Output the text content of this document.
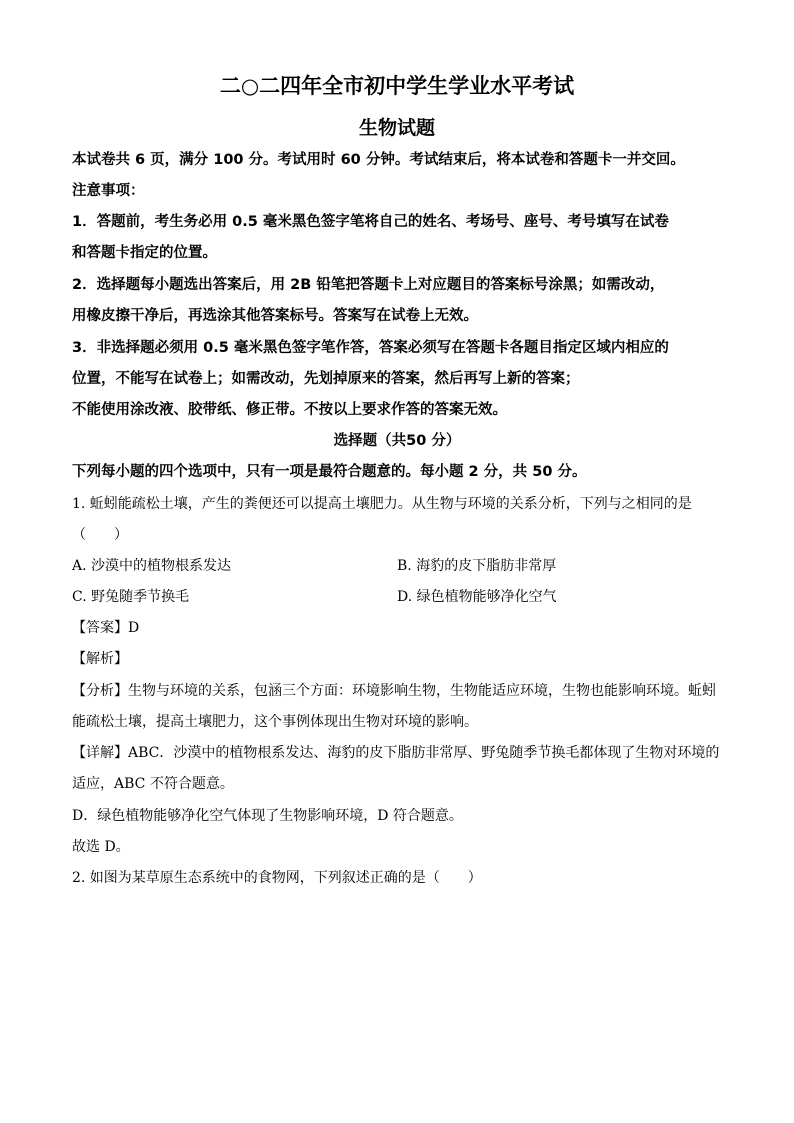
二○二四年全市初中学生学业水平考试
生物试题
本试卷共 6 页，满分 100 分。考试用时 60 分钟。考试结束后，将本试卷和答题卡一并交回。
注意事项：
1．答题前，考生务必用 0.5 毫米黑色签字笔将自己的姓名、考场号、座号、考号填写在试卷
和答题卡指定的位置。
2．选择题每小题选出答案后，用 2B 铅笔把答题卡上对应题目的答案标号涂黑；如需改动，
用橡皮擦干净后，再选涂其他答案标号。答案写在试卷上无效。
3．非选择题必须用 0.5 毫米黑色签字笔作答，答案必须写在答题卡各题目指定区域内相应的
位置，不能写在试卷上；如需改动，先划掉原来的答案，然后再写上新的答案；
不能使用涂改液、胶带纸、修正带。不按以上要求作答的答案无效。
选择题（共50 分）
下列每小题的四个选项中，只有一项是最符合题意的。每小题 2 分，共 50 分。
1. 蚯蚓能疏松土壤，产生的粪便还可以提高土壤肥力。从生物与环境的关系分析，下列与之相同的是
（　　）
A. 沙漠中的植物根系发达	B. 海豹的皮下脂肪非常厚
C. 野兔随季节换毛	D. 绿色植物能够净化空气
【答案】D
【解析】
【分析】生物与环境的关系，包涵三个方面：环境影响生物，生物能适应环境，生物也能影响环境。蚯蚓
能疏松土壤，提高土壤肥力，这个事例体现出生物对环境的影响。
【详解】ABC．沙漠中的植物根系发达、海豹的皮下脂肪非常厚、野兔随季节换毛都体现了生物对环境的
适应，ABC 不符合题意。
D．绿色植物能够净化空气体现了生物影响环境，D 符合题意。
故选 D。
2. 如图为某草原生态系统中的食物网，下列叙述正确的是（　　）
